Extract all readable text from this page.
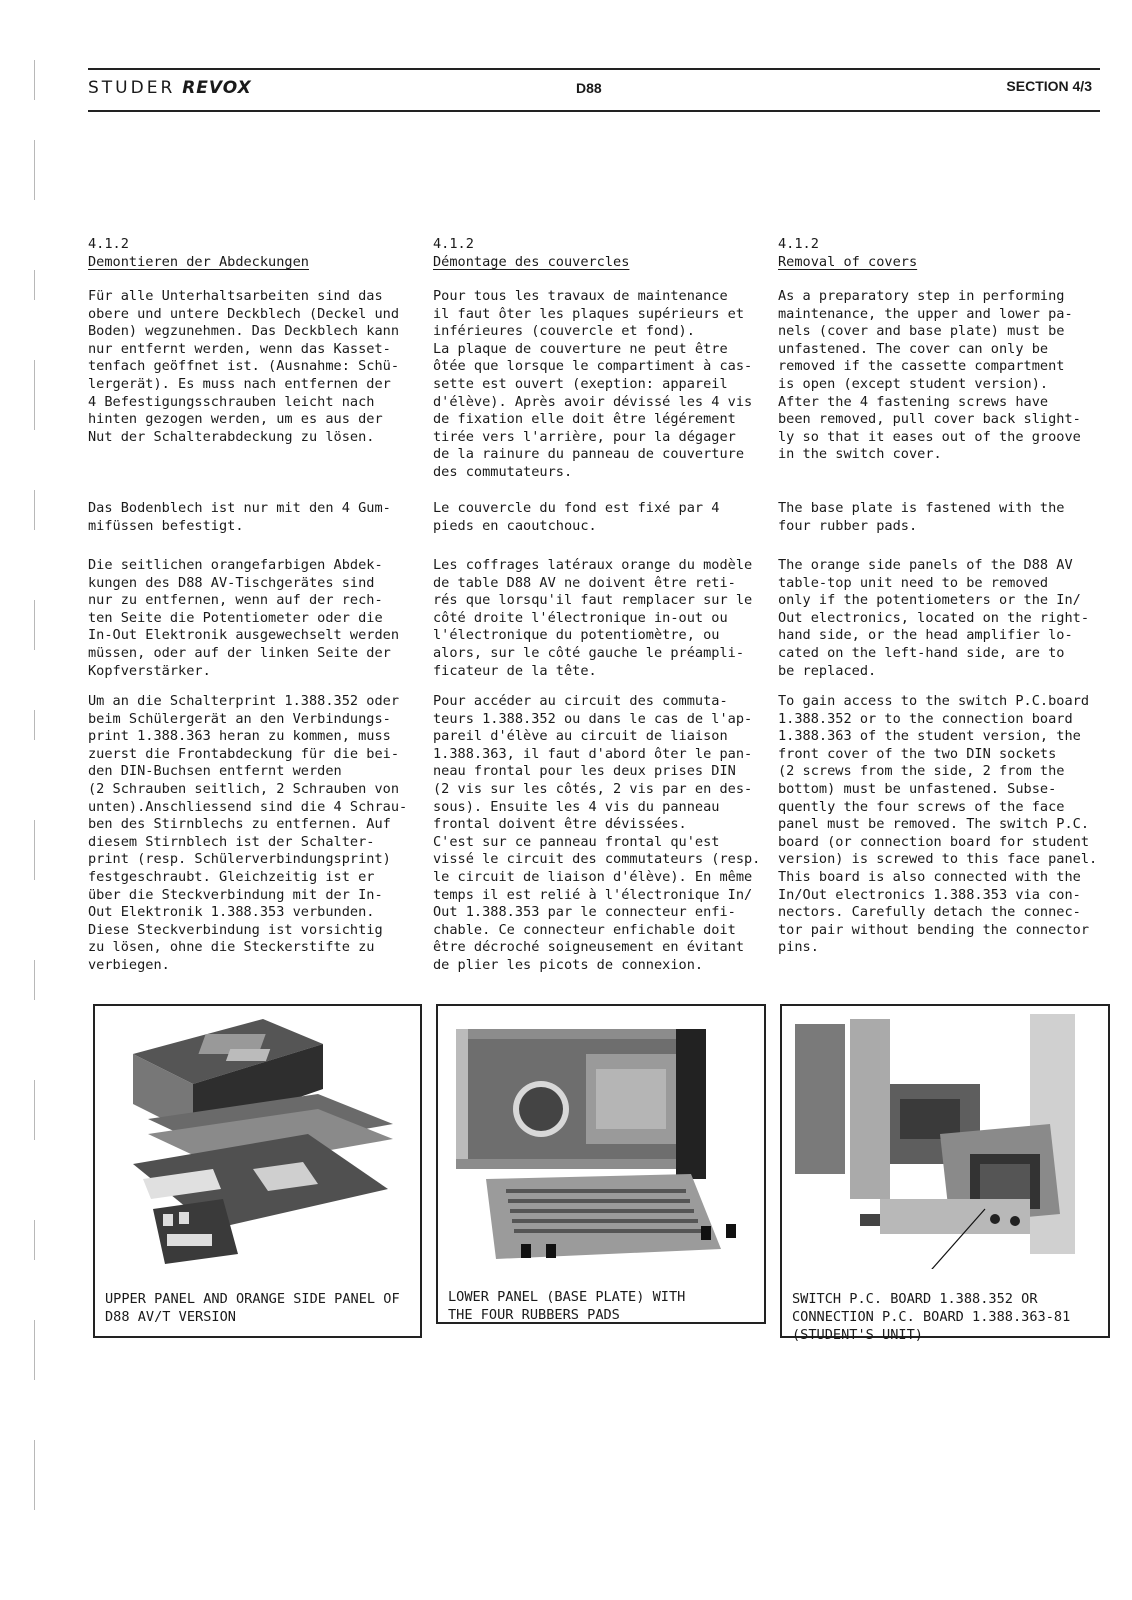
STUDER REVOX	D88	SECTION 4/3
4.1.2
Demontieren der Abdeckungen

Für alle Unterhaltsarbeiten sind das
obere und untere Deckblech (Deckel und
Boden) wegzunehmen. Das Deckblech kann
nur entfernt werden, wenn das Kasset-
tenfach geöffnet ist. (Ausnahme: Schü-
lergerät). Es muss nach entfernen der
4 Befestigungsschrauben leicht nach
hinten gezogen werden, um es aus der
Nut der Schalterabdeckung zu lösen.

Das Bodenblech ist nur mit den 4 Gum-
mifüssen befestigt.

Die seitlichen orangefarbigen Abdek-
kungen des D88 AV-Tischgerätes sind
nur zu entfernen, wenn auf der rech-
ten Seite die Potentiometer oder die
In-Out Elektronik ausgewechselt werden
müssen, oder auf der linken Seite der
Kopfverstärker.

Um an die Schalterprint 1.388.352 oder
beim Schülergerät an den Verbindungs-
print 1.388.363 heran zu kommen, muss
zuerst die Frontabdeckung für die bei-
den DIN-Buchsen entfernt werden
(2 Schrauben seitlich, 2 Schrauben von
unten).Anschliessend sind die 4 Schrau-
ben des Stirnblechs zu entfernen. Auf
diesem Stirnblech ist der Schalter-
print (resp. Schülerverbindungsprint)
festgeschraubt. Gleichzeitig ist er
über die Steckverbindung mit der In-
Out Elektronik 1.388.353 verbunden.
Diese Steckverbindung ist vorsichtig
zu lösen, ohne die Steckerstifte zu
verbiegen.

4.1.2
Démontage des couvercles

Pour tous les travaux de maintenance
il faut ôter les plaques supérieurs et
inférieures (couvercle et fond).
La plaque de couverture ne peut être
ôtée que lorsque le compartiment à cas-
sette est ouvert (exeption: appareil
d'élève). Après avoir dévissé les 4 vis
de fixation elle doit être légérement
tirée vers l'arrière, pour la dégager
de la rainure du panneau de couverture
des commutateurs.

Le couvercle du fond est fixé par 4
pieds en caoutchouc.

Les coffrages latéraux orange du modèle
de table D88 AV ne doivent être reti-
rés que lorsqu'il faut remplacer sur le
côté droite l'électronique in-out ou
l'électronique du potentiomètre, ou
alors, sur le côté gauche le préampli-
ficateur de la tête.

Pour accéder au circuit des commuta-
teurs 1.388.352 ou dans le cas de l'ap-
pareil d'élève au circuit de liaison
1.388.363, il faut d'abord ôter le pan-
neau frontal pour les deux prises DIN
(2 vis sur les côtés, 2 vis par en des-
sous). Ensuite les 4 vis du panneau
frontal doivent être dévissées.
C'est sur ce panneau frontal qu'est
vissé le circuit des commutateurs (resp.
le circuit de liaison d'élève). En même
temps il est relié à l'électronique In/
Out 1.388.353 par le connecteur enfi-
chable. Ce connecteur enfichable doit
être décroché soigneusement en évitant
de plier les picots de connexion.

4.1.2
Removal of covers

As a preparatory step in performing
maintenance, the upper and lower pa-
nels (cover and base plate) must be
unfastened. The cover can only be
removed if the cassette compartment
is open (except student version).
After the 4 fastening screws have
been removed, pull cover back slight-
ly so that it eases out of the groove
in the switch cover.

The base plate is fastened with the
four rubber pads.

The orange side panels of the D88 AV
table-top unit need to be removed
only if the potentiometers or the In/
Out electronics, located on the right-
hand side, or the head amplifier lo-
cated on the left-hand side, are to
be replaced.

To gain access to the switch P.C.board
1.388.352 or to the connection board
1.388.363 of the student version, the
front cover of the two DIN sockets
(2 screws from the side, 2 from the
bottom) must be unfastened. Subse-
quently the four screws of the face
panel must be removed. The switch P.C.
board (or connection board for student
version) is screwed to this face panel.
This board is also connected with the
In/Out electronics 1.388.353 via con-
nectors. Carefully detach the connec-
tor pair without bending the connector
pins.

UPPER PANEL AND ORANGE SIDE PANEL OF
D88 AV/T VERSION
LOWER PANEL (BASE PLATE) WITH
THE FOUR RUBBERS PADS
SWITCH P.C. BOARD 1.388.352 OR
CONNECTION P.C. BOARD 1.388.363-81
(STUDENT'S UNIT)
